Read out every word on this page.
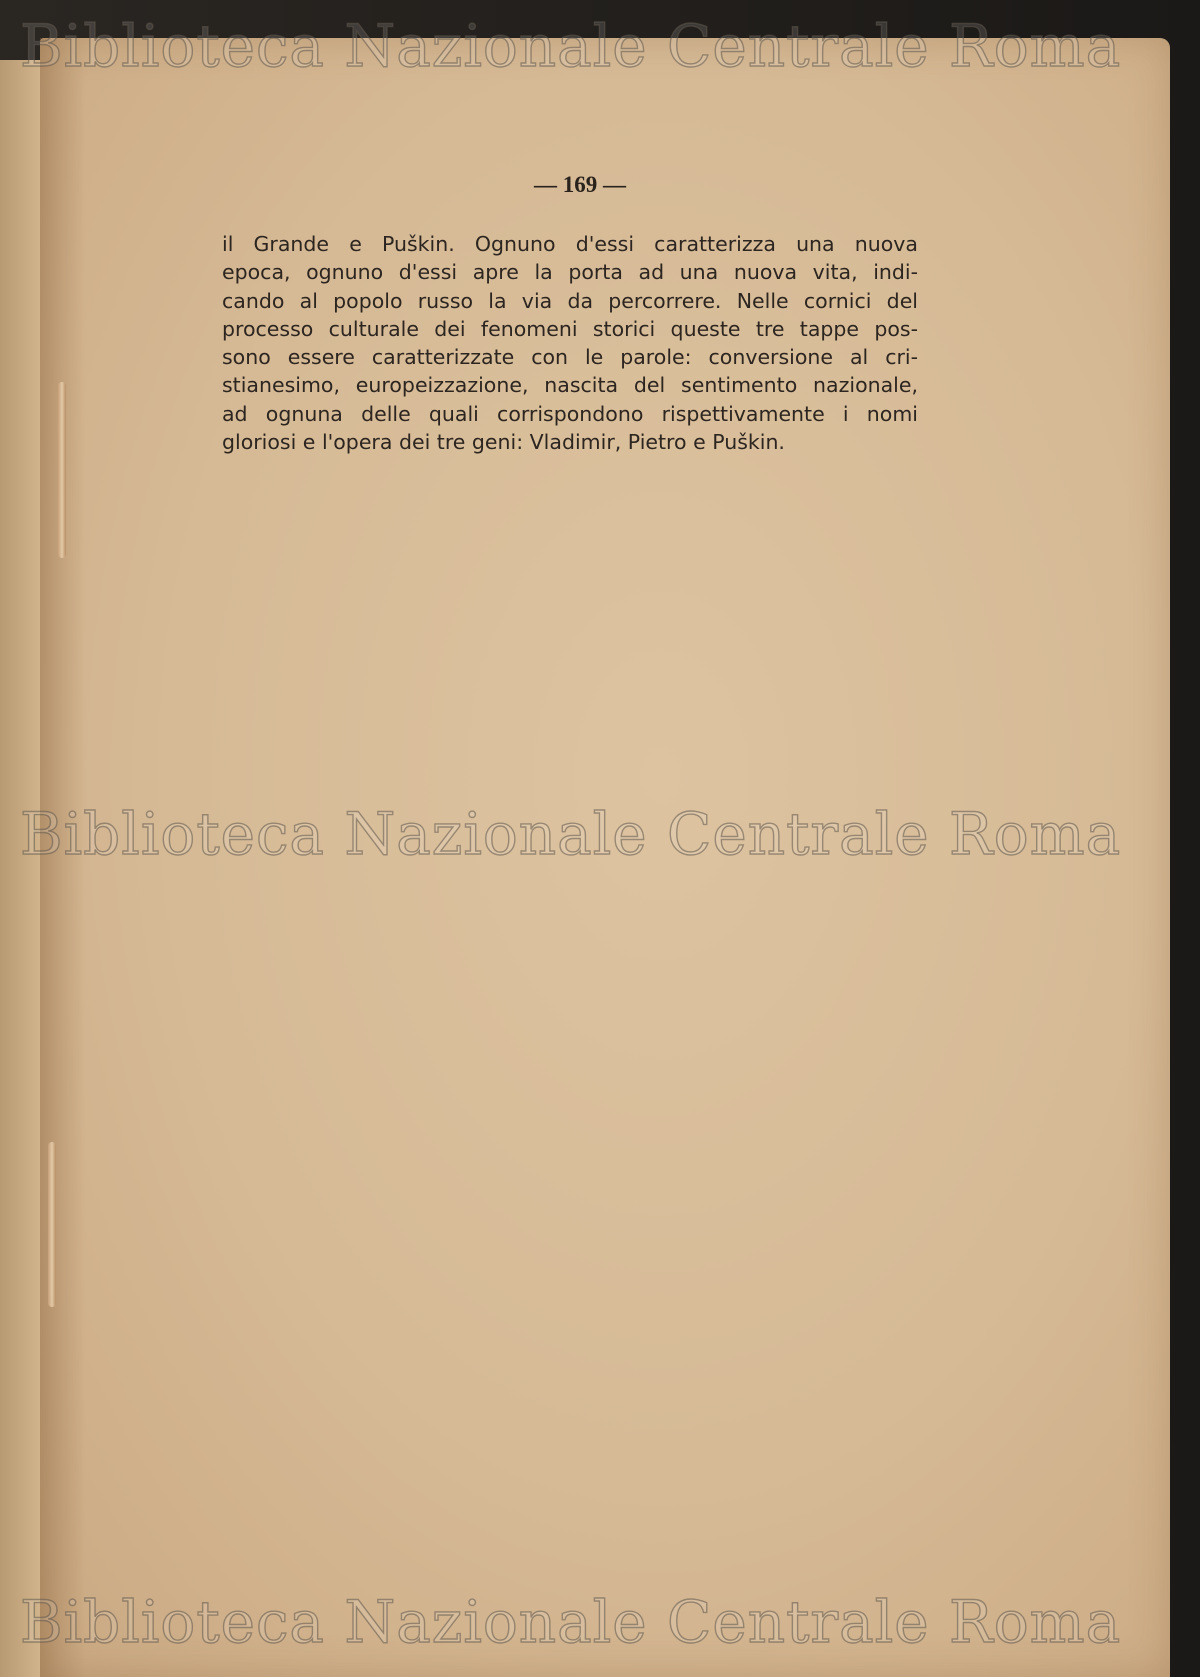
— 169 —
il Grande e Puškin. Ognuno d'essi caratterizza una nuova
epoca, ognuno d'essi apre la porta ad una nuova vita, indi-
cando al popolo russo la via da percorrere. Nelle cornici del
processo culturale dei fenomeni storici queste tre tappe pos-
sono essere caratterizzate con le parole: conversione al cri-
stianesimo, europeizzazione, nascita del sentimento nazionale,
ad ognuna delle quali corrispondono rispettivamente i nomi
gloriosi e l'opera dei tre geni: Vladimir, Pietro e Puškin.
